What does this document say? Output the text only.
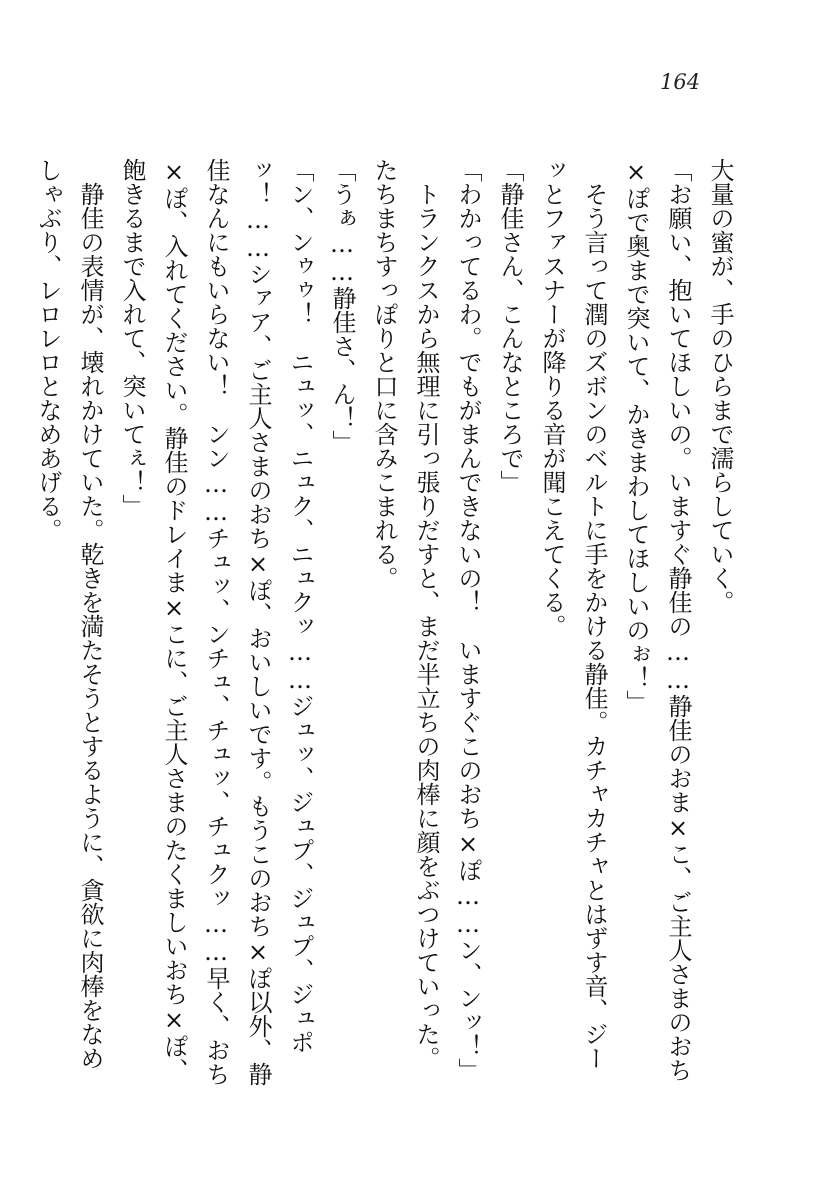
164

大量の蜜が、手のひらまで濡らしていく。

「お願い、抱いてほしいの。いますぐ静佳の……静佳のおま×こ、ご主人さまのおち

×ぽで奥まで突いて、かきまわしてほしいのぉ！」

　そう言って潤のズボンのベルトに手をかける静佳。カチャカチャとはずす音、ジー

ッとファスナーが降りる音が聞こえてくる。

「静佳さん、こんなところで」

「わかってるわ。でもがまんできないの！　いますぐこのおち×ぽ……ン、ンッ！」

　トランクスから無理に引っ張りだすと、まだ半立ちの肉棒に顔をぶつけていった。

たちまちすっぽりと口に含みこまれる。

「うぁ……静佳さ、ん！」

「ン、ンゥゥ！　ニュッ、ニュク、ニュクッ……ジュッ、ジュプ、ジュプ、ジュポ

ッ！……シァア、ご主人さまのおち×ぽ、おいしいです。もうこのおち×ぽ以外、静

佳なんにもいらない！　ンン……チュッ、ンチュ、チュッ、チュクッ……早く、おち

×ぽ、入れてください。静佳のドレイま×こに、ご主人さまのたくましいおち×ぽ、

飽きるまで入れて、突いてぇ！」

　静佳の表情が、壊れかけていた。乾きを満たそうとするように、貪欲に肉棒をなめ

しゃぶり、レロレロとなめあげる。
